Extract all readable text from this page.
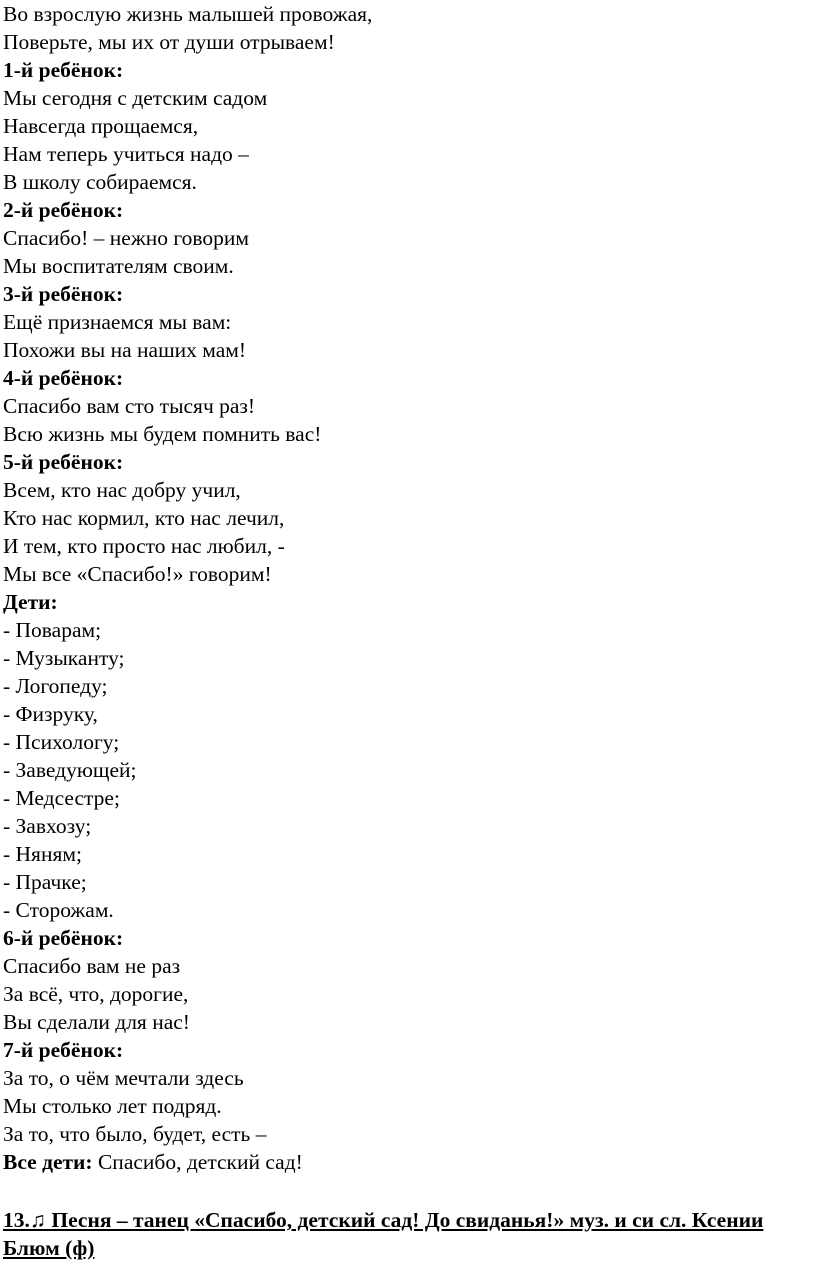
Во взрослую жизнь малышей провожая,
Поверьте, мы их от души отрываем!
1-й ребёнок:
Мы сегодня с детским садом
Навсегда прощаемся,
Нам теперь учиться надо –
В школу собираемся.
2-й ребёнок:
Спасибо! – нежно говорим
Мы воспитателям своим.
3-й ребёнок:
Ещё признаемся мы вам:
Похожи вы на наших мам!
4-й ребёнок:
Спасибо вам сто тысяч раз!
Всю жизнь мы будем помнить вас!
5-й ребёнок:
Всем, кто нас добру учил,
Кто нас кормил, кто нас лечил,
И тем, кто просто нас любил, -
Мы все «Спасибо!» говорим!
Дети:
- Поварам;
- Музыканту;
- Логопеду;
- Физруку,
- Психологу;
- Заведующей;
- Медсестре;
- Завхозу;
- Няням;
- Прачке;
- Сторожам.
6-й ребёнок:
Спасибо вам не раз
За всё, что, дорогие,
Вы сделали для нас!
7-й ребёнок:
За то, о чём мечтали здесь
Мы столько лет подряд.
За то, что было, будет, есть –
Все дети: Спасибо, детский сад!
13.♫ Песня – танец «Спасибо, детский сад! До свиданья!» муз. и си сл. Ксении Блюм (ф)
